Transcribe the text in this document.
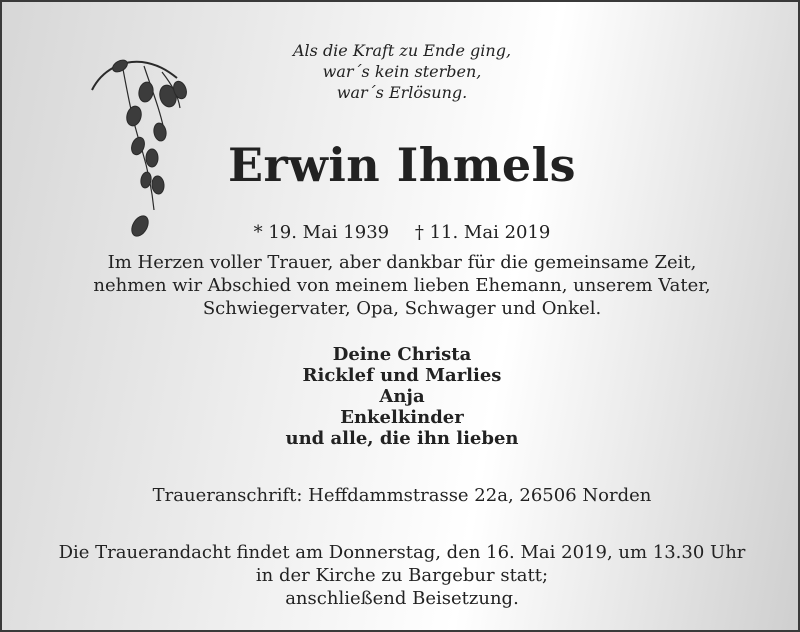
Als die Kraft zu Ende ging,
war´s kein sterben,
war´s Erlösung.
Erwin Ihmels
* 19. Mai 1939 † 11. Mai 2019
Im Herzen voller Trauer, aber dankbar für die gemeinsame Zeit,
nehmen wir Abschied von meinem lieben Ehemann, unserem Vater,
Schwiegervater, Opa, Schwager und Onkel.
Deine Christa
Ricklef und Marlies
Anja
Enkelkinder
und alle, die ihn lieben
Traueranschrift: Heffdammstrasse 22a, 26506 Norden
Die Trauerandacht findet am Donnerstag, den 16. Mai 2019, um 13.30 Uhr
in der Kirche zu Bargebur statt;
anschließend Beisetzung.
